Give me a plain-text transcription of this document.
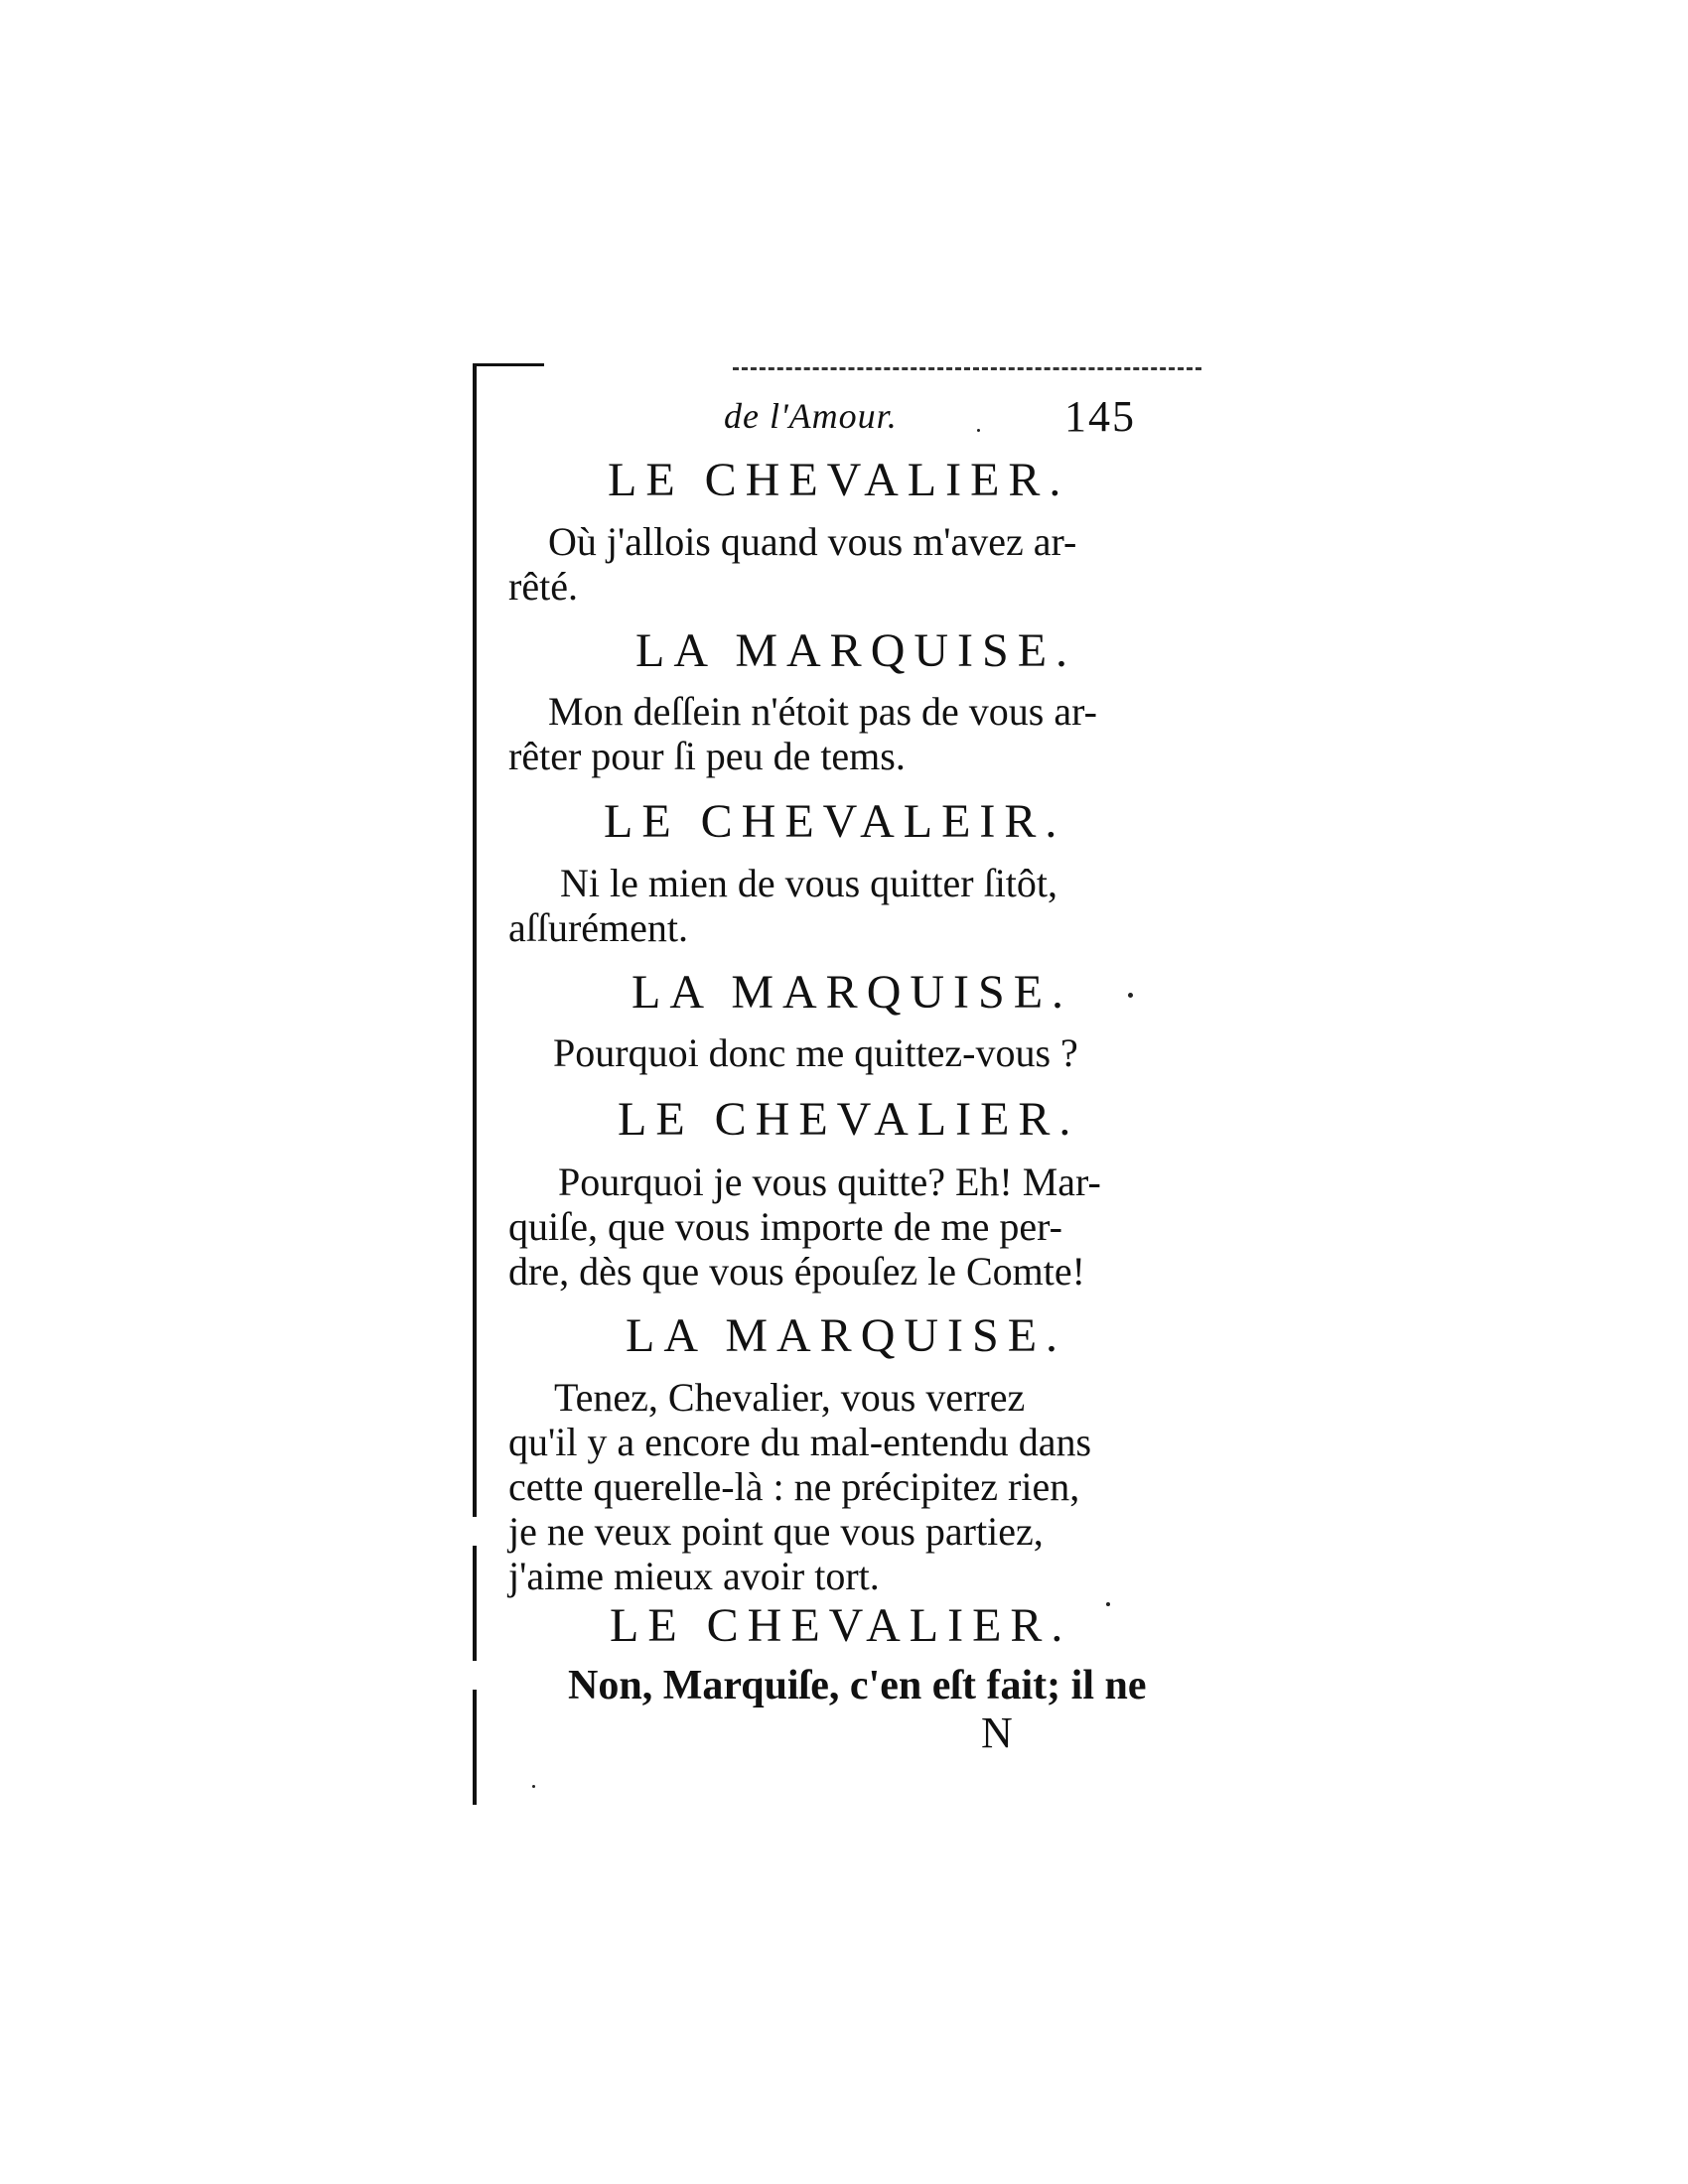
de l'Amour.	145
LE CHEVALIER.
Où j'allois quand vous m'avez ar-
rêté.
LA MARQUISE.
Mon deſſein n'étoit pas de vous ar-
rêter pour ſi peu de tems.
LE CHEVALEIR.
Ni le mien de vous quitter ſitôt,
aſſurément.
LA MARQUISE.
Pourquoi donc me quittez-vous ?
LE CHEVALIER.
Pourquoi je vous quitte? Eh! Mar-
quiſe, que vous importe de me per-
dre, dès que vous épouſez le Comte!
LA MARQUISE.
Tenez, Chevalier, vous verrez
qu'il y a encore du mal-entendu dans
cette querelle-là : ne précipitez rien,
je ne veux point que vous partiez,
j'aime mieux avoir tort.
LE CHEVALIER.
Non, Marquiſe, c'en eſt fait; il ne
N
